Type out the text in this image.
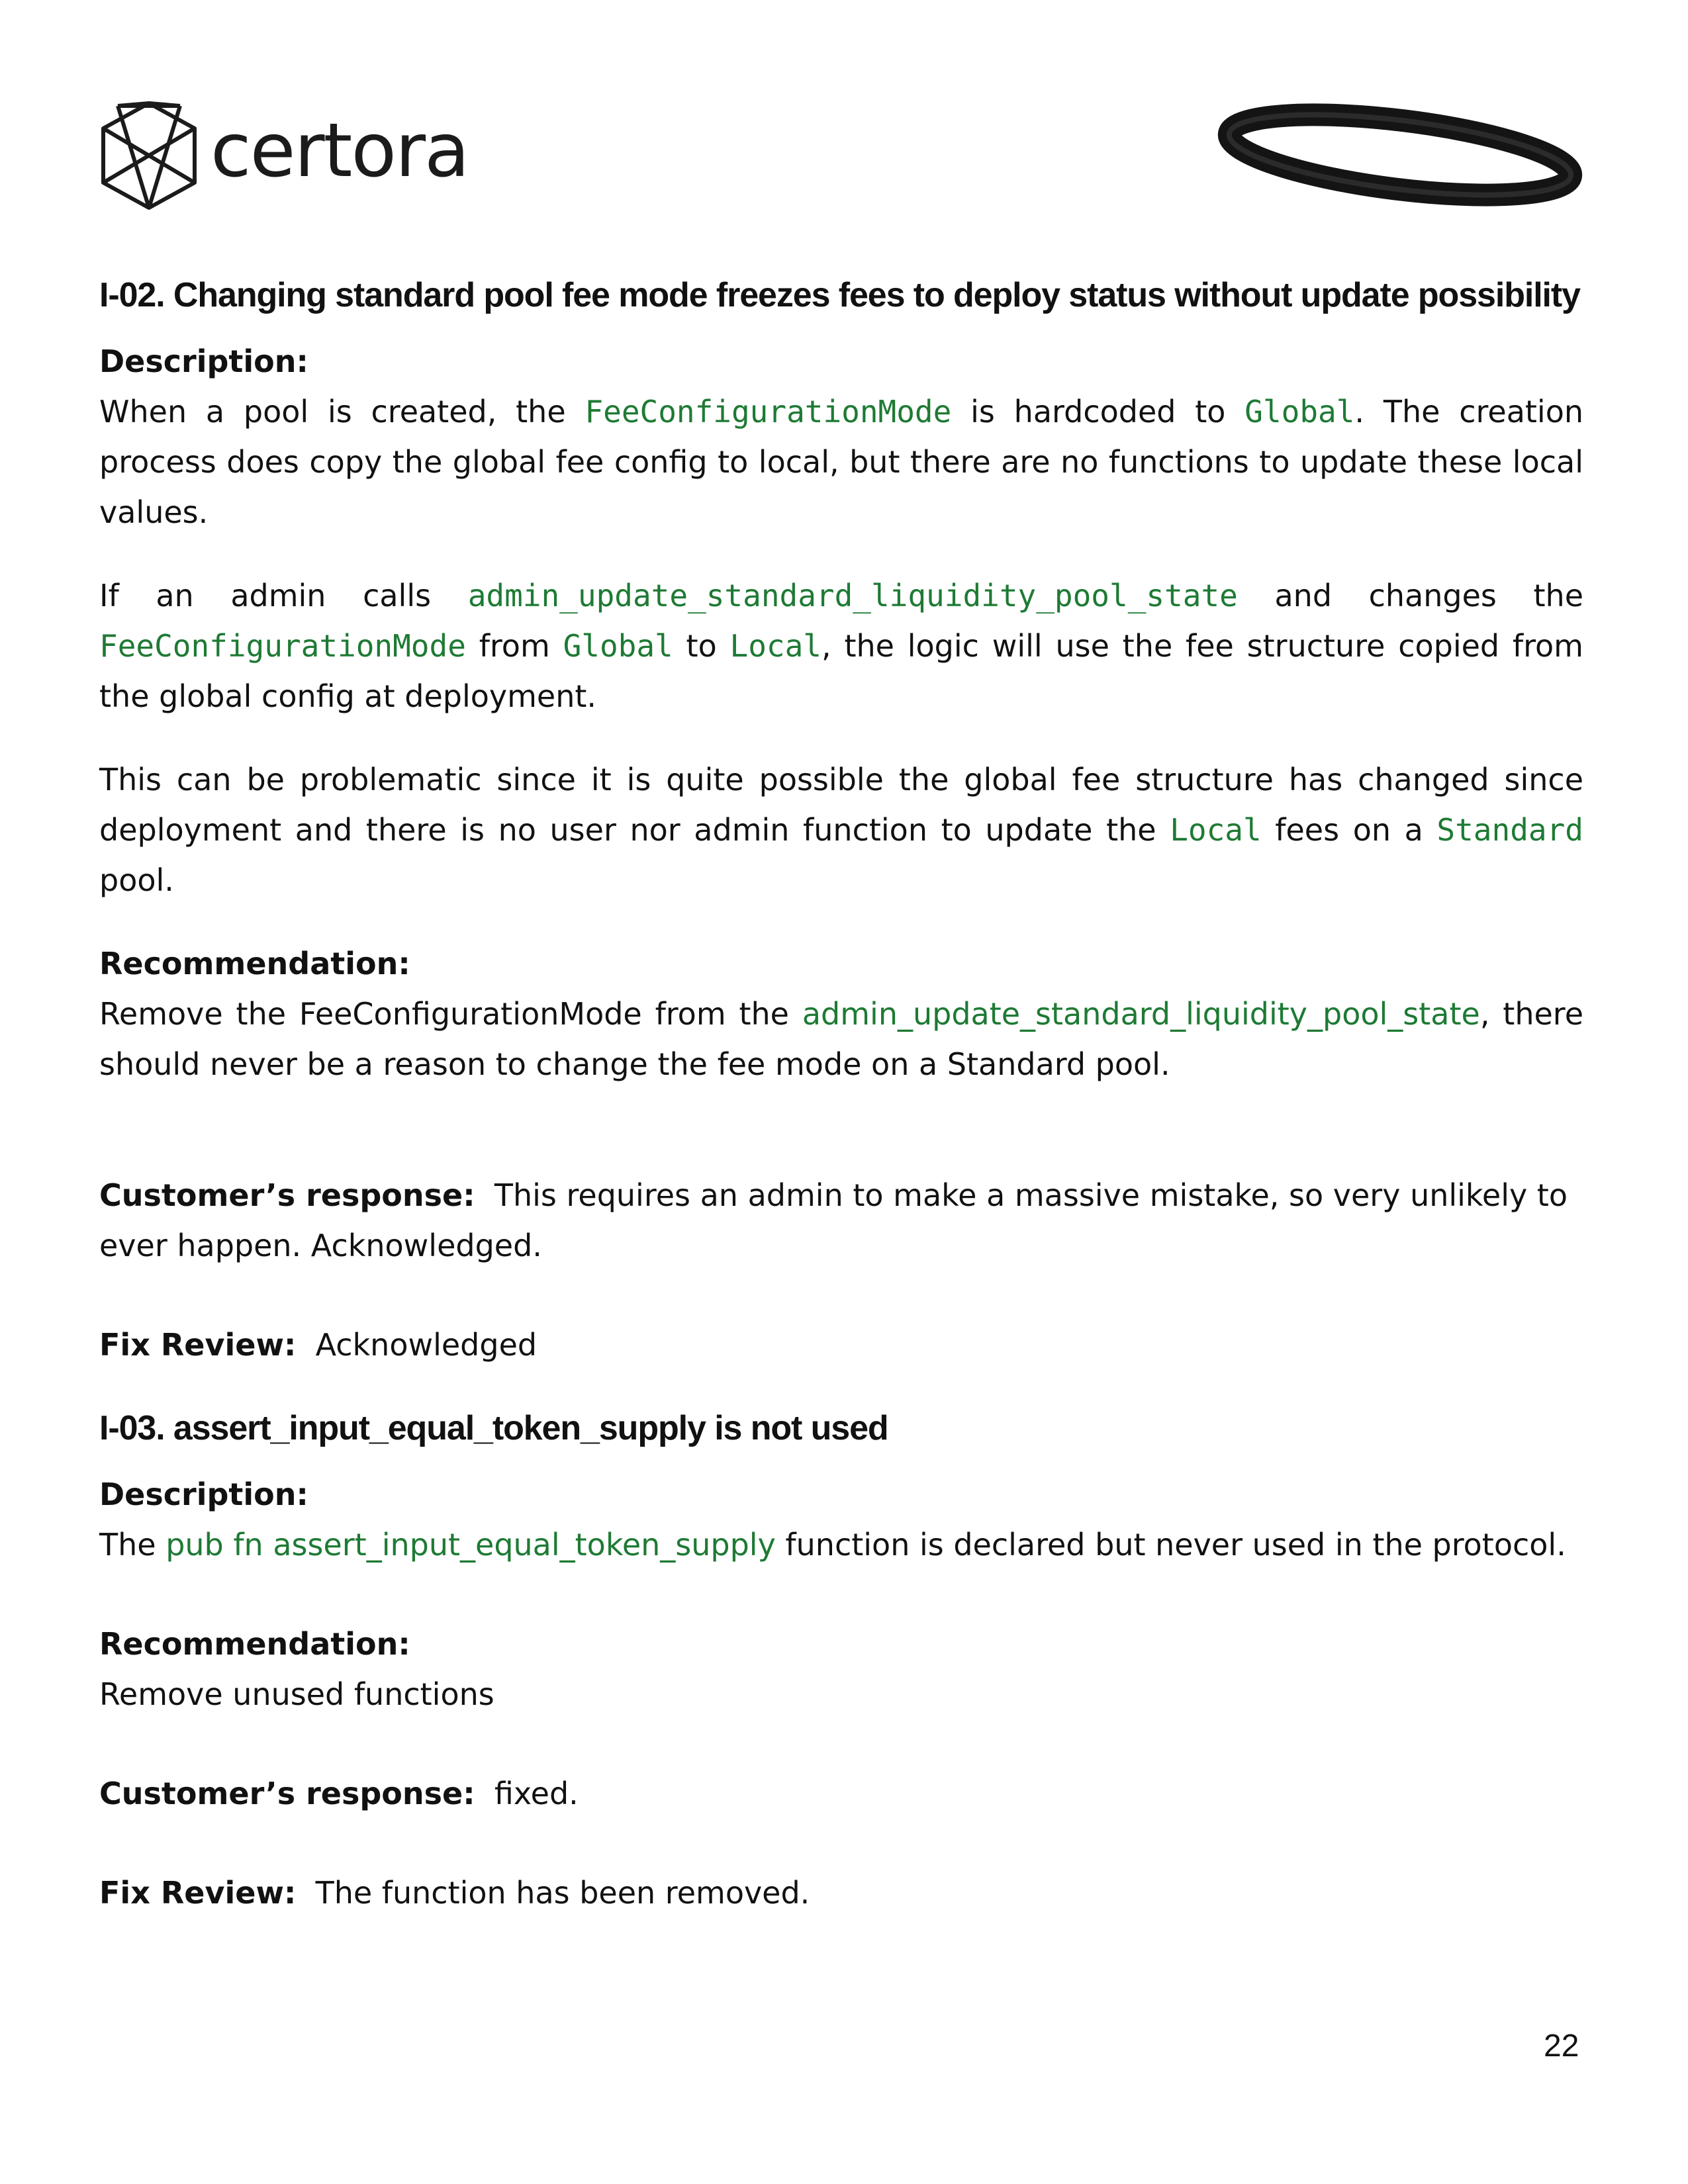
certora
I-02. Changing standard pool fee mode freezes fees to deploy status without update possibility
Description:

When a pool is created, the FeeConfigurationMode is hardcoded to Global. The creation process does copy the global fee config to local, but there are no functions to update these local values.

If an admin calls admin_update_standard_liquidity_pool_state and changes the FeeConfigurationMode from Global to Local, the logic will use the fee structure copied from the global config at deployment.

This can be problematic since it is quite possible the global fee structure has changed since deployment and there is no user nor admin function to update the Local fees on a Standard pool.

Recommendation:

Remove the FeeConfigurationMode from the admin_update_standard_liquidity_pool_state, there should never be a reason to change the fee mode on a Standard pool.

Customer’s response: This requires an admin to make a massive mistake, so very unlikely to ever happen. Acknowledged.

Fix Review: Acknowledged

I-03. assert_input_equal_token_supply is not used
Description:

The pub fn assert_input_equal_token_supply function is declared but never used in the protocol.

Recommendation:

Remove unused functions

Customer’s response: fixed.

Fix Review: The function has been removed.

22
